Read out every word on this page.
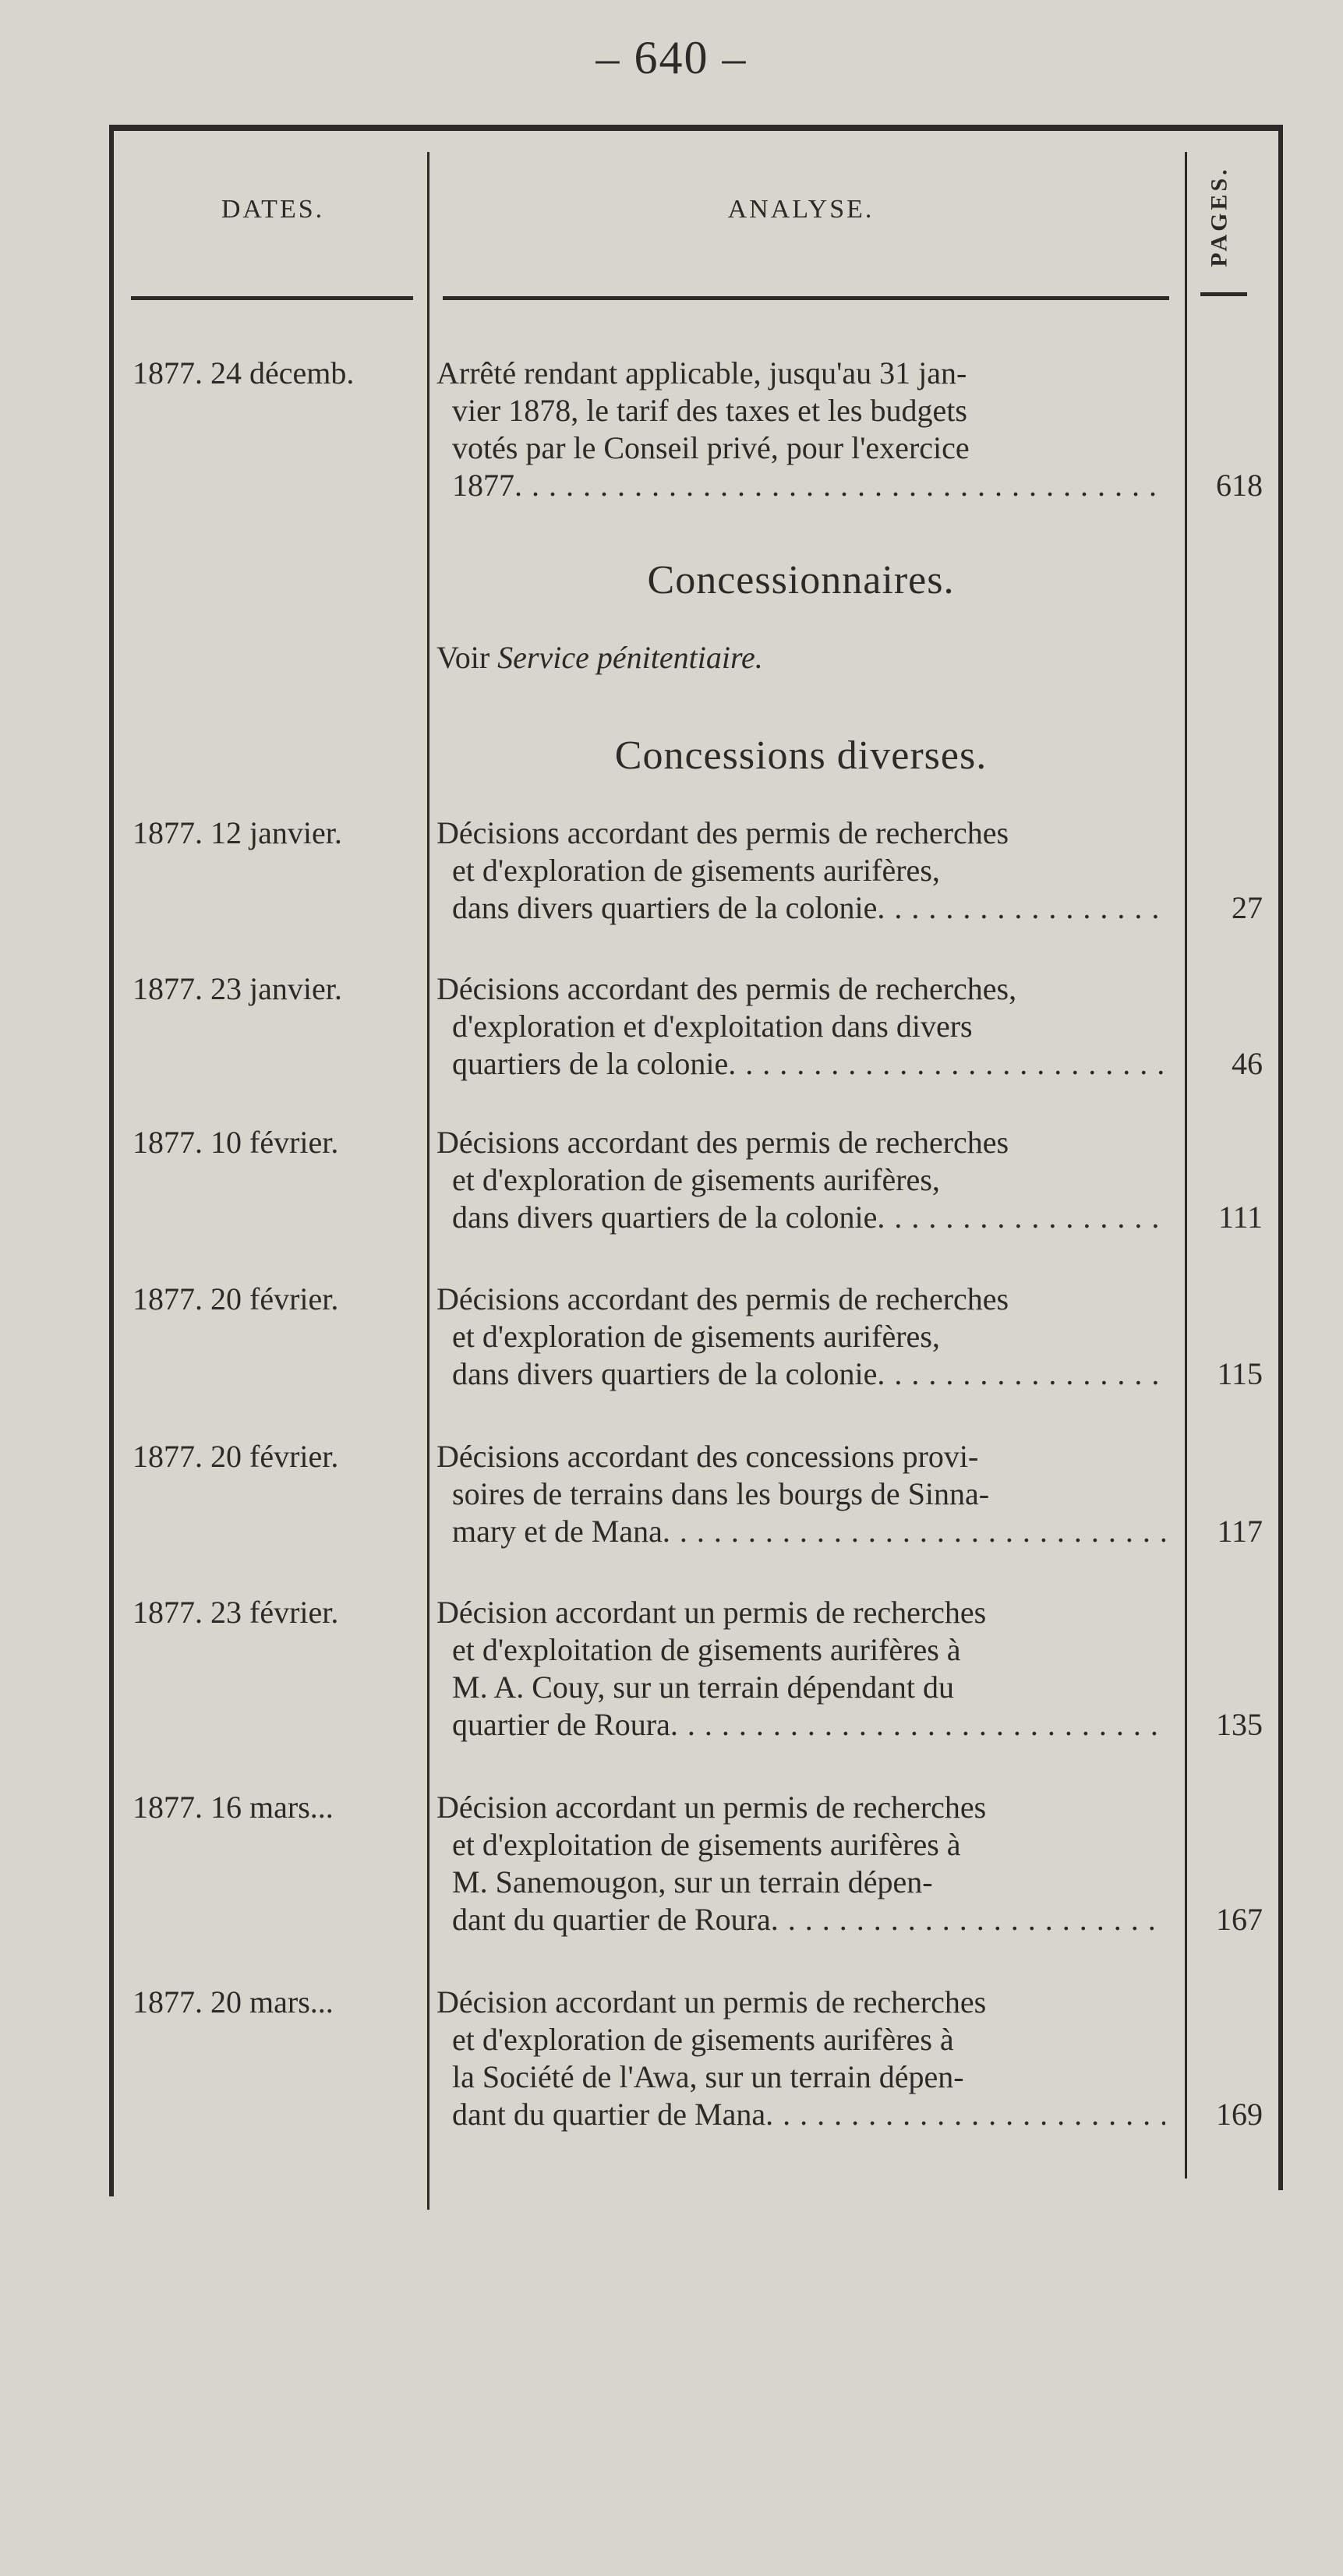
– 640 –
DATES.	ANALYSE.	PAGES.
1877. 24 décemb.	Arrêté rendant applicable, jusqu'au 31 jan-
vier 1878, le tarif des taxes et les budgets
votés par le Conseil privé, pour l'exercice
1877 . . .	618
Concessionnaires.
Voir Service pénitentiaire.
Concessions diverses.
1877. 12 janvier.	Décisions accordant des permis de recherches
et d'exploration de gisements aurifères,
dans divers quartiers de la colonie . . .	27
1877. 23 janvier.	Décisions accordant des permis de recherches,
d'exploration et d'exploitation dans divers
quartiers de la colonie . . .	46
1877. 10 février.	Décisions accordant des permis de recherches
et d'exploration de gisements aurifères,
dans divers quartiers de la colonie . . .	111
1877. 20 février.	Décisions accordant des permis de recherches
et d'exploration de gisements aurifères,
dans divers quartiers de la colonie . . .	115
1877. 20 février.	Décisions accordant des concessions provi-
soires de terrains dans les bourgs de Sinna-
mary et de Mana . . .	117
1877. 23 février.	Décision accordant un permis de recherches
et d'exploitation de gisements aurifères à
M. A. Couy, sur un terrain dépendant du
quartier de Roura . . .	135
1877. 16 mars...	Décision accordant un permis de recherches
et d'exploitation de gisements aurifères à
M. Sanemougon, sur un terrain dépen-
dant du quartier de Roura . . .	167
1877. 20 mars...	Décision accordant un permis de recherches
et d'exploration de gisements aurifères à
la Société de l'Awa, sur un terrain dépen-
dant du quartier de Mana . . .	169
